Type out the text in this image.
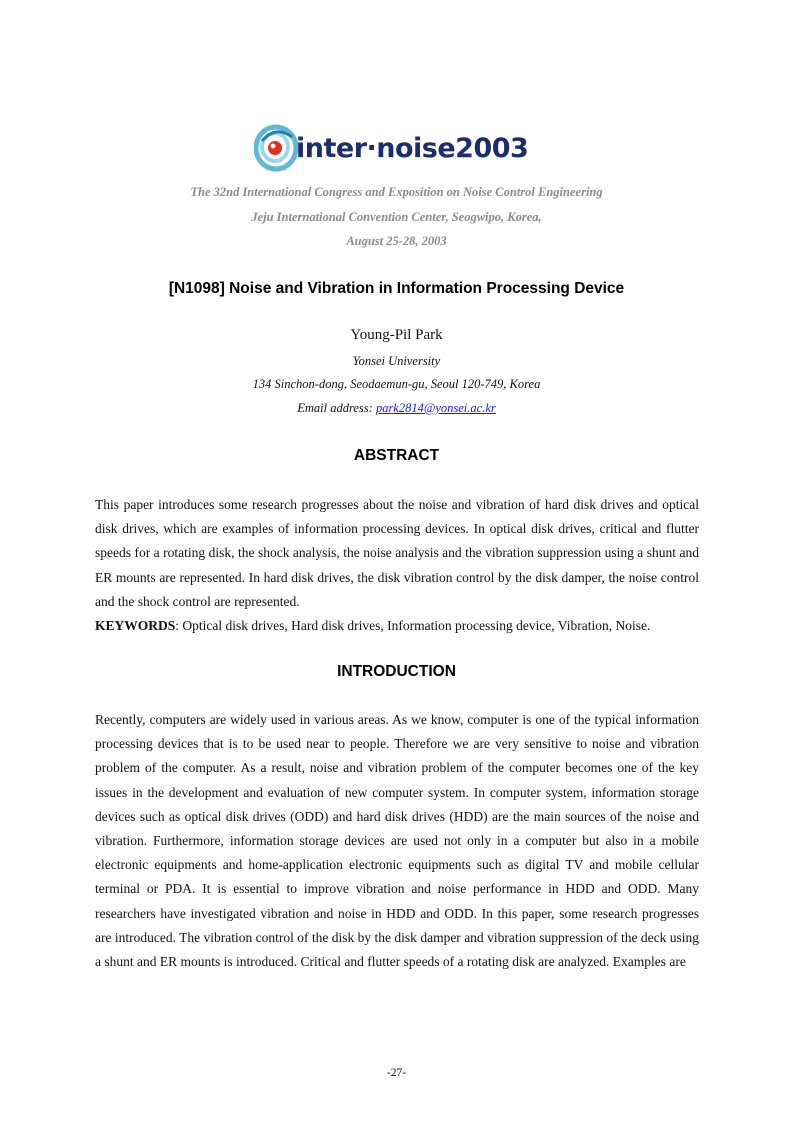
inter·noise2003
The 32nd International Congress and Exposition on Noise Control Engineering
Jeju International Convention Center, Seogwipo, Korea,
August 25-28, 2003
[N1098] Noise and Vibration in Information Processing Device
Young-Pil Park
Yonsei University
134 Sinchon-dong, Seodaemun-gu, Seoul 120-749, Korea
Email address: park2814@yonsei.ac.kr
ABSTRACT
This paper introduces some research progresses about the noise and vibration of hard disk drives and optical disk drives, which are examples of information processing devices. In optical disk drives, critical and flutter speeds for a rotating disk, the shock analysis, the noise analysis and the vibration suppression using a shunt and ER mounts are represented. In hard disk drives, the disk vibration control by the disk damper, the noise control and the shock control are represented.
KEYWORDS: Optical disk drives, Hard disk drives, Information processing device, Vibration, Noise.
INTRODUCTION
Recently, computers are widely used in various areas. As we know, computer is one of the typical information processing devices that is to be used near to people. Therefore we are very sensitive to noise and vibration problem of the computer. As a result, noise and vibration problem of the computer becomes one of the key issues in the development and evaluation of new computer system. In computer system, information storage devices such as optical disk drives (ODD) and hard disk drives (HDD) are the main sources of the noise and vibration. Furthermore, information storage devices are used not only in a computer but also in a mobile electronic equipments and home-application electronic equipments such as digital TV and mobile cellular terminal or PDA. It is essential to improve vibration and noise performance in HDD and ODD. Many researchers have investigated vibration and noise in HDD and ODD. In this paper, some research progresses are introduced. The vibration control of the disk by the disk damper and vibration suppression of the deck using a shunt and ER mounts is introduced. Critical and flutter speeds of a rotating disk are analyzed. Examples are
-27-
